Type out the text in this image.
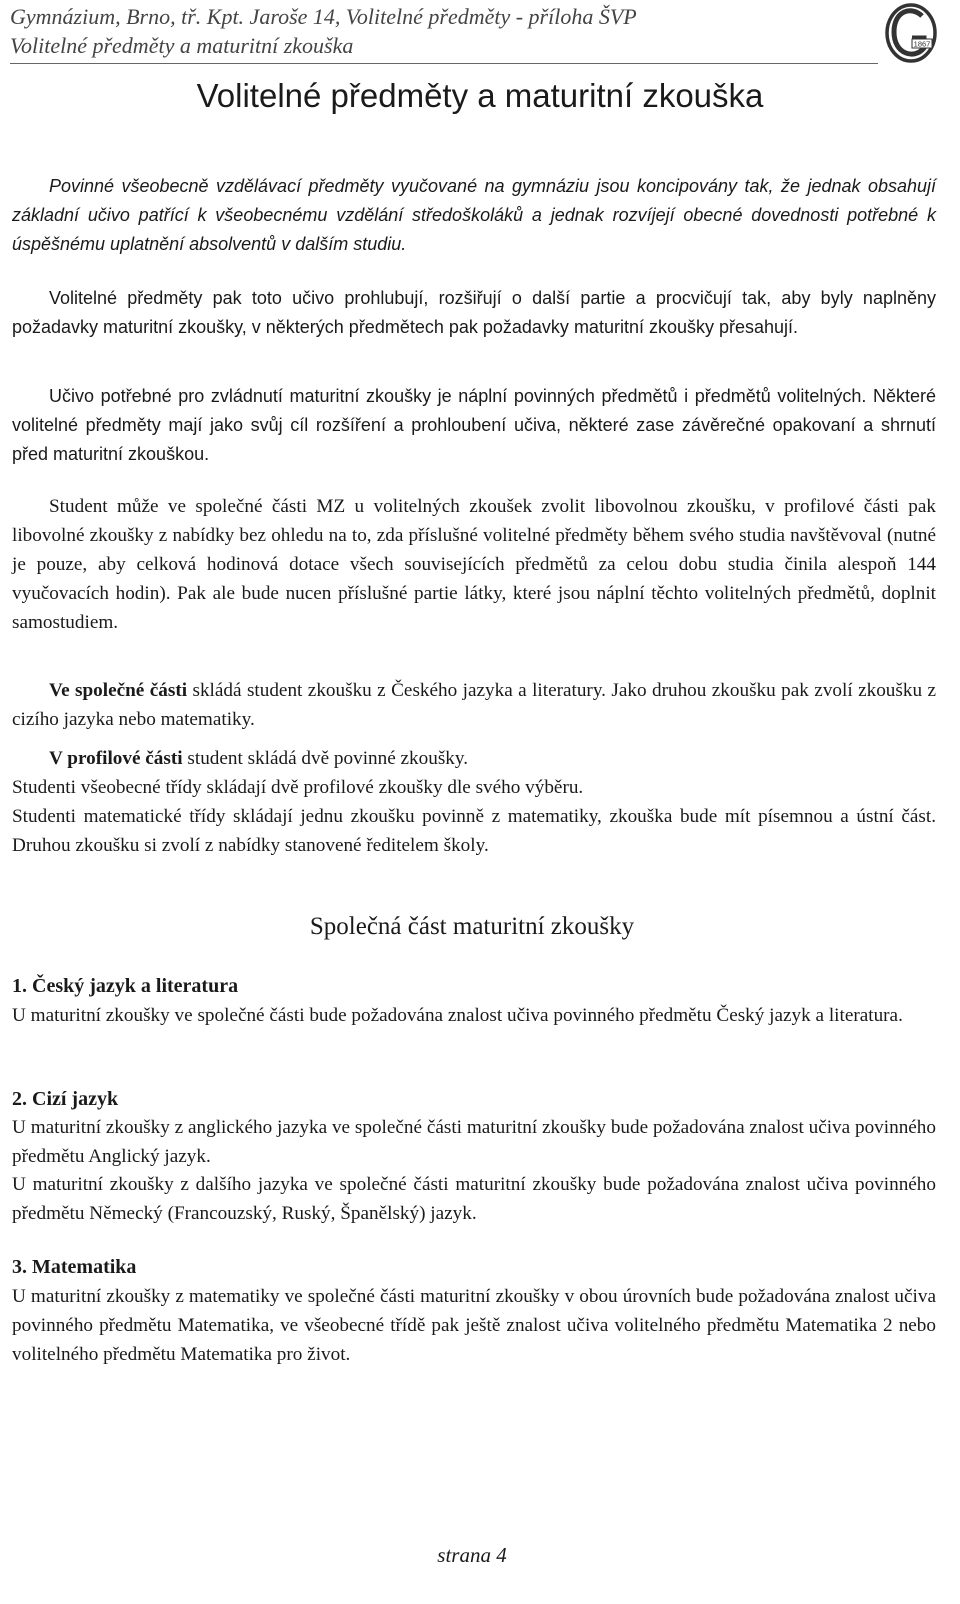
Gymnázium, Brno, tř. Kpt. Jaroše 14, Volitelné předměty - příloha ŠVP
Volitelné předměty a maturitní zkouška	1867
Volitelné předměty a maturitní zkouška

Povinné všeobecně vzdělávací předměty vyučované na gymnáziu jsou koncipovány tak, že jednak obsahují základní učivo patřící k všeobecnému vzdělání středoškoláků a jednak rozvíjejí obecné dovednosti potřebné k úspěšnému uplatnění absolventů v dalším studiu.

Volitelné předměty pak toto učivo prohlubují, rozšiřují o další partie a procvičují tak, aby byly naplněny požadavky maturitní zkoušky, v některých předmětech pak požadavky maturitní zkoušky přesahují.

Učivo potřebné pro zvládnutí maturitní zkoušky je náplní povinných předmětů i předmětů volitelných. Některé volitelné předměty mají jako svůj cíl rozšíření a prohloubení učiva, některé zase závěrečné opakovaní a shrnutí před maturitní zkouškou.

Student může ve společné části MZ u volitelných zkoušek zvolit libovolnou zkoušku, v profilové části pak libovolné zkoušky z nabídky bez ohledu na to, zda příslušné volitelné předměty během svého studia navštěvoval (nutné je pouze, aby celková hodinová dotace všech souvisejících předmětů za celou dobu studia činila alespoň 144 vyučovacích hodin). Pak ale bude nucen příslušné partie látky, které jsou náplní těchto volitelných předmětů, doplnit samostudiem.

Ve společné části skládá student zkoušku z Českého jazyka a literatury. Jako druhou zkoušku pak zvolí zkoušku z cizího jazyka nebo matematiky.

V profilové části student skládá dvě povinné zkoušky.

Studenti všeobecné třídy skládají dvě profilové zkoušky dle svého výběru.

Studenti matematické třídy skládají jednu zkoušku povinně z matematiky, zkouška bude mít písemnou a ústní část. Druhou zkoušku si zvolí z nabídky stanovené ředitelem školy.

Společná část maturitní zkoušky

1. Český jazyk a literatura

U maturitní zkoušky ve společné části bude požadována znalost učiva povinného předmětu Český jazyk a literatura.

2. Cizí jazyk

U maturitní zkoušky z anglického jazyka ve společné části maturitní zkoušky bude požadována znalost učiva povinného předmětu Anglický jazyk.

U maturitní zkoušky z dalšího jazyka ve společné části maturitní zkoušky bude požadována znalost učiva povinného předmětu Německý (Francouzský, Ruský, Španělský) jazyk.

3. Matematika

U maturitní zkoušky z matematiky ve společné části maturitní zkoušky v obou úrovních bude požadována znalost učiva povinného předmětu Matematika, ve všeobecné třídě pak ještě znalost učiva volitelného předmětu Matematika 2 nebo volitelného předmětu Matematika pro život.

strana 4
